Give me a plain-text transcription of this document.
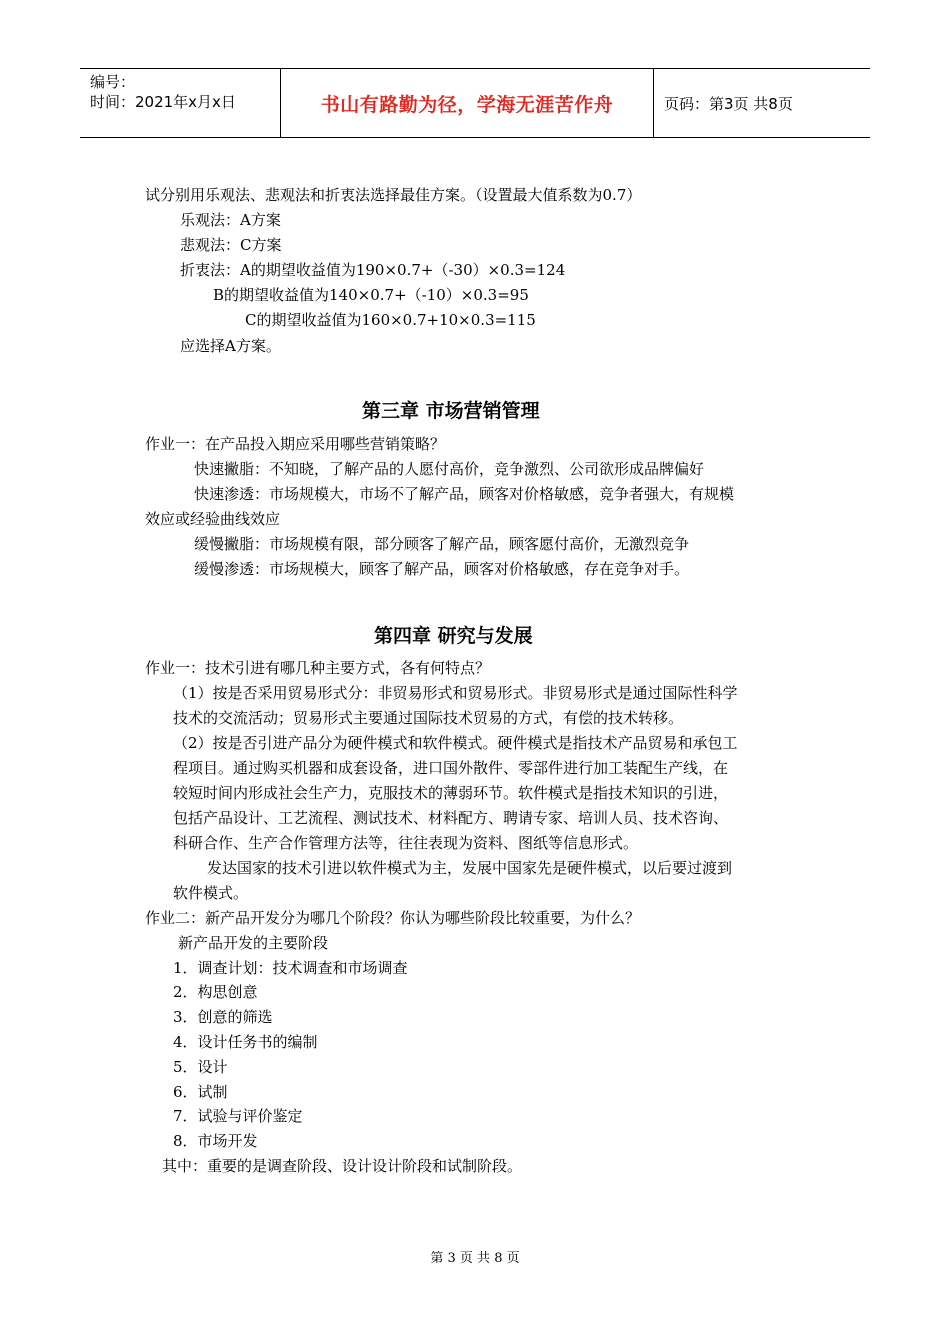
编号：
时间：2021年x月x日	书山有路勤为径，学海无涯苦作舟	页码：第3页 共8页
试分别用乐观法、悲观法和折衷法选择最佳方案。（设置最大值系数为0.7）
乐观法：A方案
悲观法：C方案
折衷法：A的期望收益值为190×0.7+（-30）×0.3=124
B的期望收益值为140×0.7+（-10）×0.3=95
C的期望收益值为160×0.7+10×0.3=115
应选择A方案。
第三章 市场营销管理
作业一：在产品投入期应采用哪些营销策略？
快速撇脂：不知晓，了解产品的人愿付高价，竞争激烈、公司欲形成品牌偏好
快速渗透：市场规模大，市场不了解产品，顾客对价格敏感，竞争者强大，有规模
效应或经验曲线效应
缓慢撇脂：市场规模有限，部分顾客了解产品，顾客愿付高价，无激烈竞争
缓慢渗透：市场规模大，顾客了解产品，顾客对价格敏感，存在竞争对手。
第四章 研究与发展
作业一：技术引进有哪几种主要方式，各有何特点？
（1）按是否采用贸易形式分：非贸易形式和贸易形式。非贸易形式是通过国际性科学
技术的交流活动；贸易形式主要通过国际技术贸易的方式，有偿的技术转移。
（2）按是否引进产品分为硬件模式和软件模式。硬件模式是指技术产品贸易和承包工
程项目。通过购买机器和成套设备，进口国外散件、零部件进行加工装配生产线，在
较短时间内形成社会生产力，克服技术的薄弱环节。软件模式是指技术知识的引进，
包括产品设计、工艺流程、测试技术、材料配方、聘请专家、培训人员、技术咨询、
科研合作、生产合作管理方法等，往往表现为资料、图纸等信息形式。
发达国家的技术引进以软件模式为主，发展中国家先是硬件模式，以后要过渡到
软件模式。
作业二：新产品开发分为哪几个阶段？你认为哪些阶段比较重要，为什么？
新产品开发的主要阶段
1．调查计划：技术调查和市场调查
2．构思创意
3．创意的筛选
4．设计任务书的编制
5．设计
6．试制
7．试验与评价鉴定
8．市场开发
其中：重要的是调查阶段、设计设计阶段和试制阶段。
第 3 页 共 8 页
